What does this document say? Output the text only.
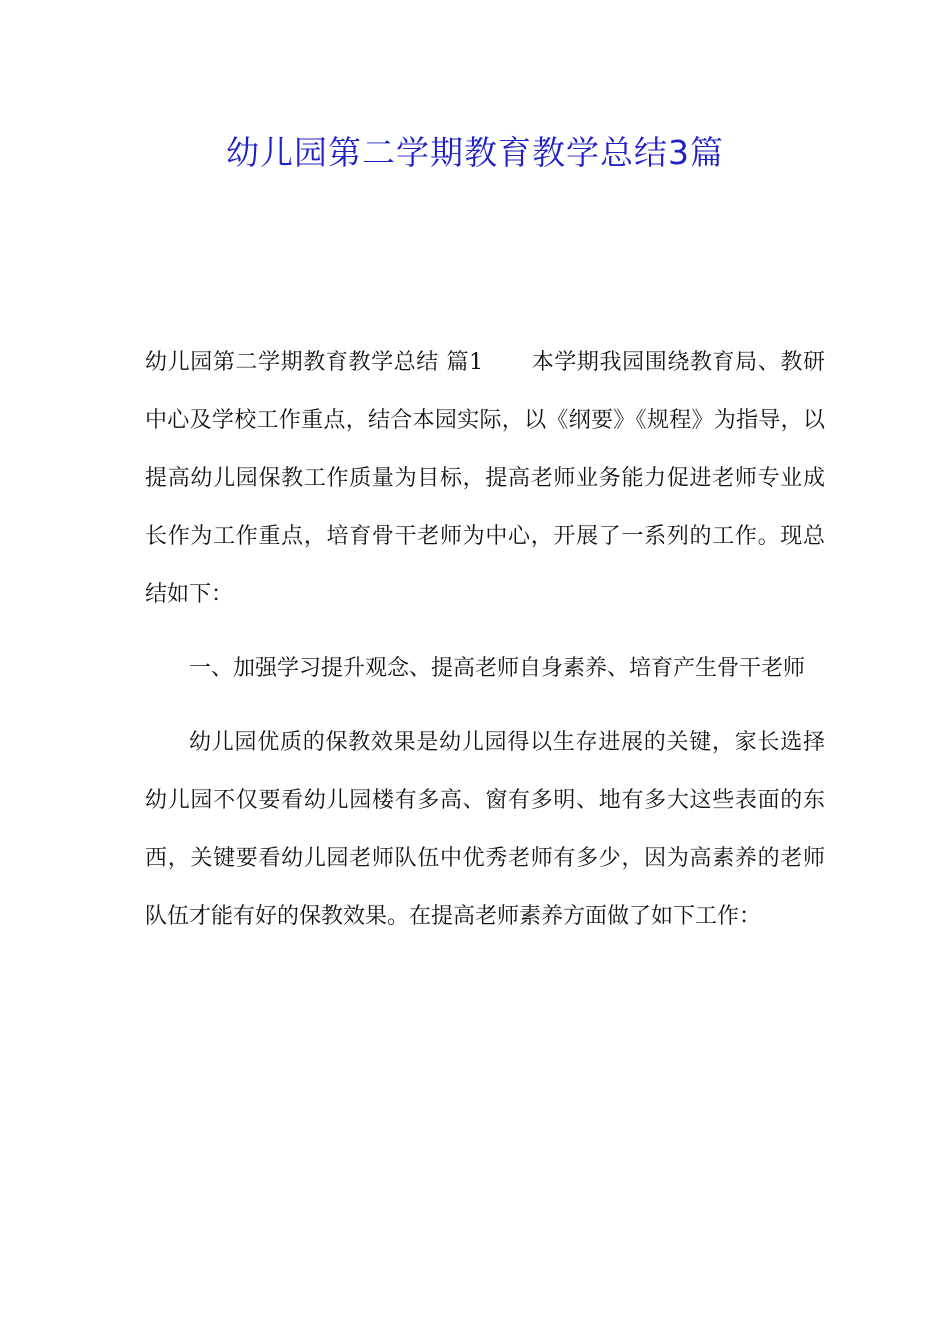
幼儿园第二学期教育教学总结3篇

幼儿园第二学期教育教学总结 篇1 本学期我园围绕教育局、教研中心及学校工作重点，结合本园实际，以《纲要》《规程》为指导，以提高幼儿园保教工作质量为目标，提高老师业务能力促进老师专业成长作为工作重点，培育骨干老师为中心，开展了一系列的工作。现总结如下：

一、加强学习提升观念、提高老师自身素养、培育产生骨干老师

幼儿园优质的保教效果是幼儿园得以生存进展的关键，家长选择幼儿园不仅要看幼儿园楼有多高、窗有多明、地有多大这些表面的东西，关键要看幼儿园老师队伍中优秀老师有多少，因为高素养的老师队伍才能有好的保教效果。在提高老师素养方面做了如下工作：
